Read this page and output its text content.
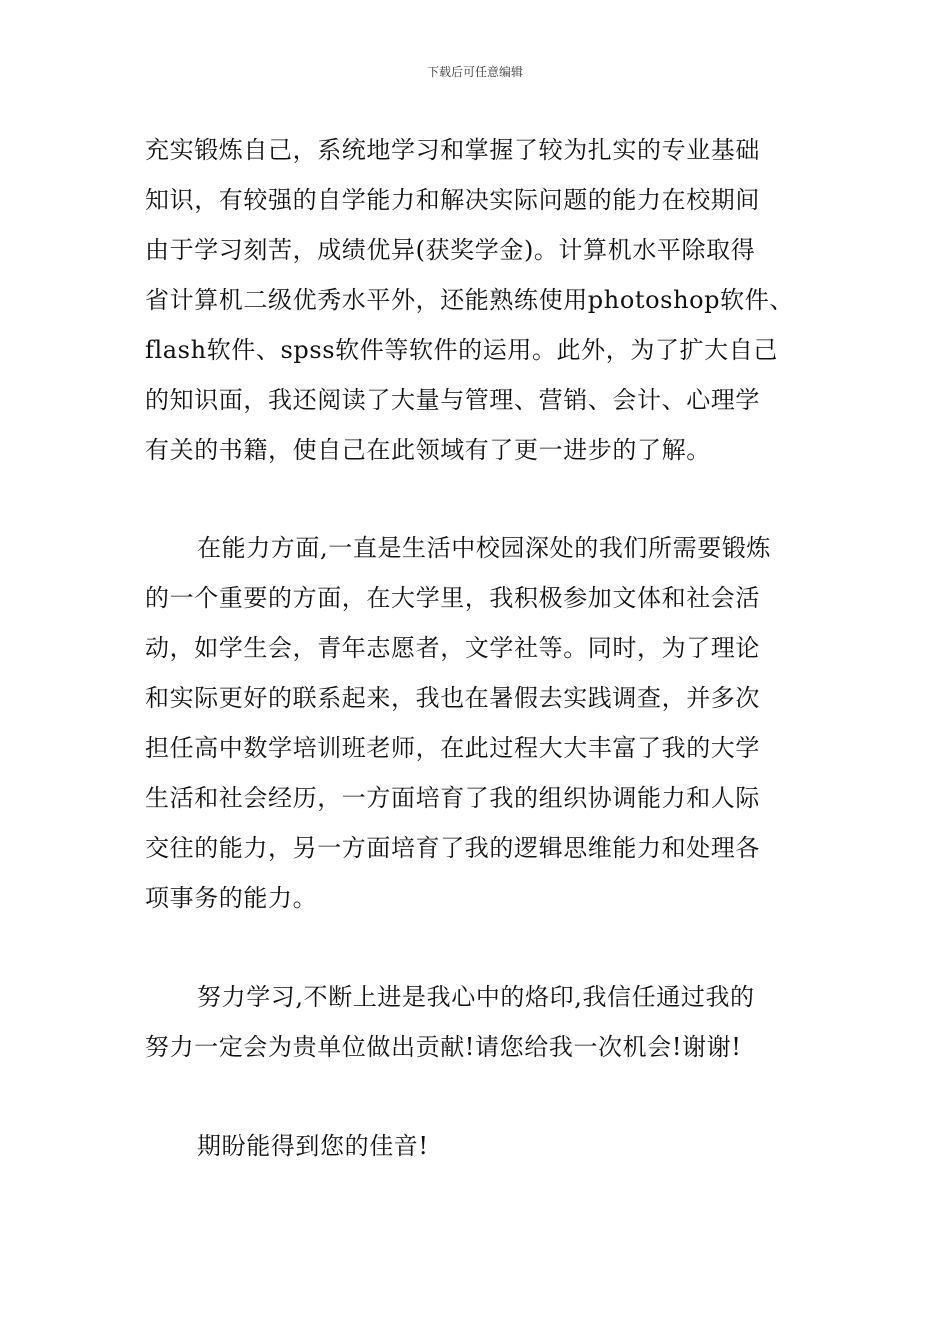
下载后可任意编辑
充实锻炼自己，系统地学习和掌握了较为扎实的专业基础
知识，有较强的自学能力和解决实际问题的能力在校期间
由于学习刻苦，成绩优异(获奖学金)。计算机水平除取得
省计算机二级优秀水平外，还能熟练使用photoshop软件、
flash软件、spss软件等软件的运用。此外，为了扩大自己
的知识面，我还阅读了大量与管理、营销、会计、心理学
有关的书籍，使自己在此领域有了更一进步的了解。
在能力方面,一直是生活中校园深处的我们所需要锻炼
的一个重要的方面，在大学里，我积极参加文体和社会活
动，如学生会，青年志愿者，文学社等。同时，为了理论
和实际更好的联系起来，我也在暑假去实践调查，并多次
担任高中数学培训班老师，在此过程大大丰富了我的大学
生活和社会经历，一方面培育了我的组织协调能力和人际
交往的能力，另一方面培育了我的逻辑思维能力和处理各
项事务的能力。
努力学习,不断上进是我心中的烙印,我信任通过我的
努力一定会为贵单位做出贡献!请您给我一次机会!谢谢!
期盼能得到您的佳音!
